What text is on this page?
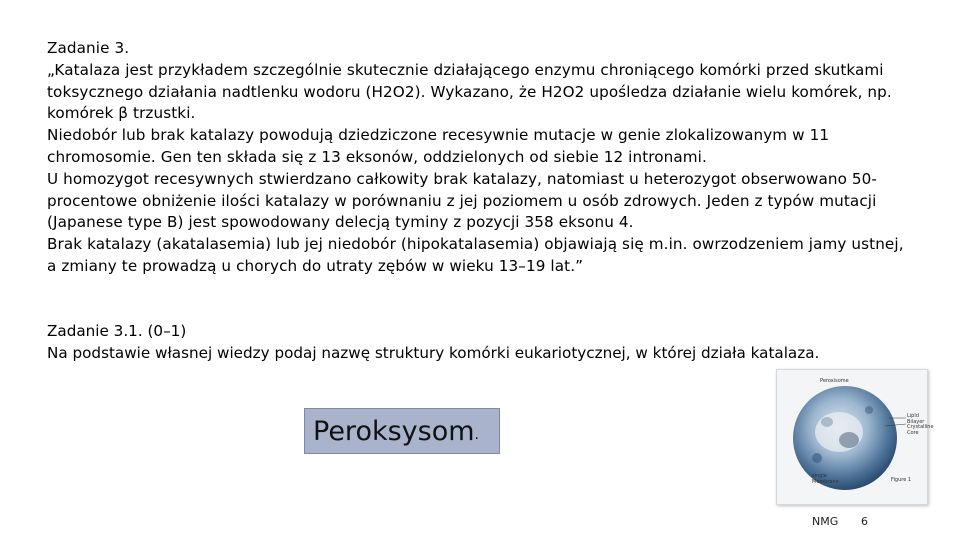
Zadanie 3.

„Katalaza jest przykładem szczególnie skutecznie działającego enzymu chroniącego komórki przed skutkami toksycznego działania nadtlenku wodoru (H2O2). Wykazano, że H2O2 upośledza działanie wielu komórek, np. komórek β trzustki.

Niedobór lub brak katalazy powodują dziedziczone recesywnie mutacje w genie zlokalizowanym w 11 chromosomie. Gen ten składa się z 13 eksonów, oddzielonych od siebie 12 intronami.

U homozygot recesywnych stwierdzano całkowity brak katalazy, natomiast u heterozygot obserwowano 50-procentowe obniżenie ilości katalazy w porównaniu z jej poziomem u osób zdrowych. Jeden z typów mutacji (Japanese type B) jest spowodowany delecją tyminy z pozycji 358 eksonu 4.

Brak katalazy (akatalasemia) lub jej niedobór (hipokatalasemia) objawiają się m.in. owrzodzeniem jamy ustnej, a zmiany te prowadzą u chorych do utraty zębów w wieku 13–19 lat.”

Zadanie 3.1. (0–1)

Na podstawie własnej wiedzy podaj nazwę struktury komórki eukariotycznej, w której działa katalaza.

Peroksysom .
Peroxisome
Lipid Bilayer Crystalline Core
single Membrane	Figure 1
NMG 6
